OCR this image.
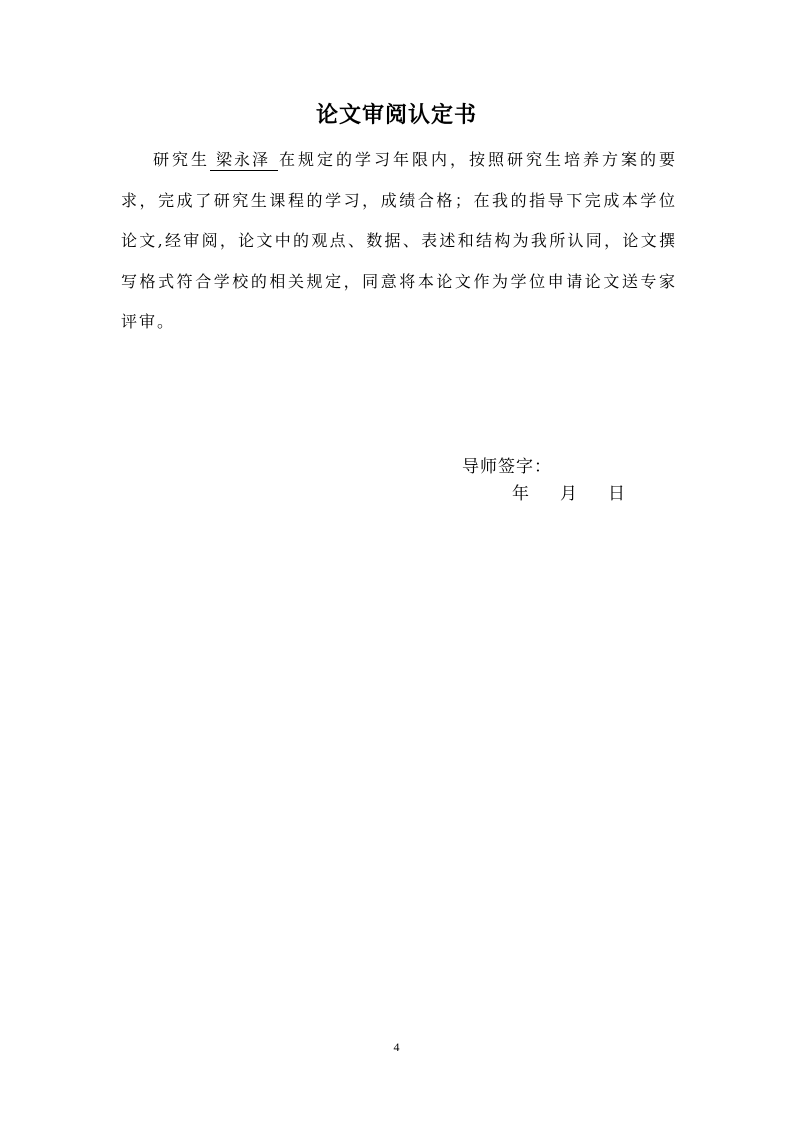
论文审阅认定书

研究生 梁永泽 在规定的学习年限内，按照研究生培养方案的要求，完成了研究生课程的学习，成绩合格；在我的指导下完成本学位论文,经审阅，论文中的观点、数据、表述和结构为我所认同，论文撰写格式符合学校的相关规定，同意将本论文作为学位申请论文送专家评审。

导师签字：
年 月 日
4
